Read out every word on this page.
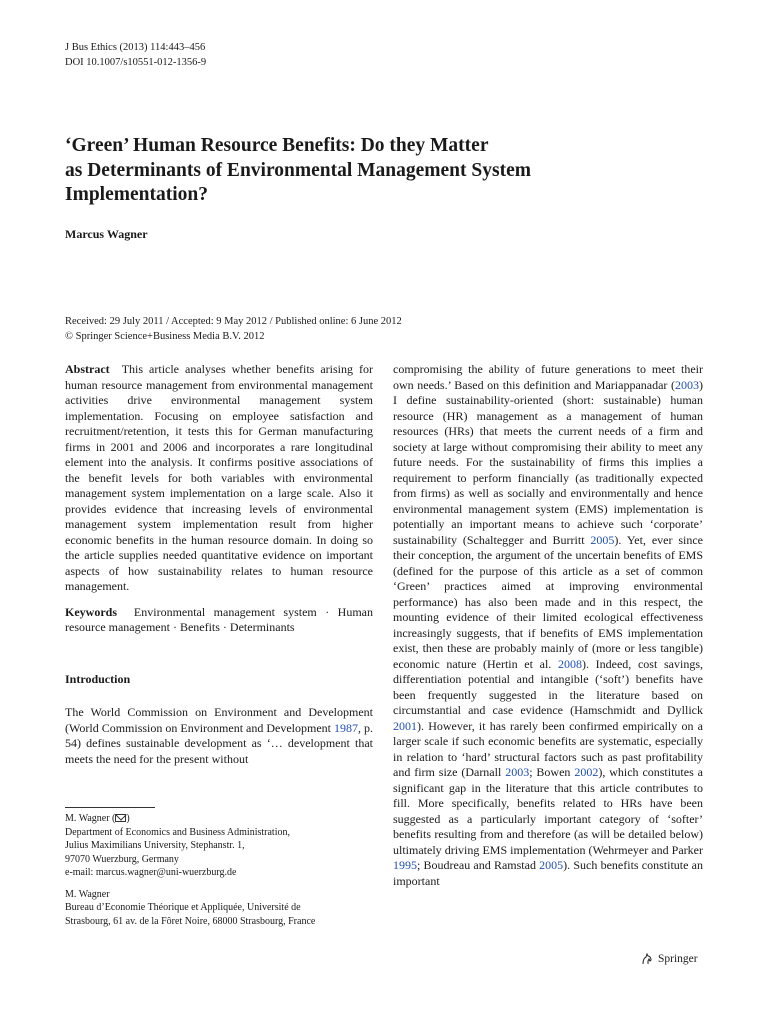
J Bus Ethics (2013) 114:443–456
DOI 10.1007/s10551-012-1356-9
‘Green’ Human Resource Benefits: Do they Matter
as Determinants of Environmental Management System
Implementation?
Marcus Wagner
Received: 29 July 2011 / Accepted: 9 May 2012 / Published online: 6 June 2012
© Springer Science+Business Media B.V. 2012

Abstract This article analyses whether benefits arising for human resource management from environmental management activities drive environmental management system implementation. Focusing on employee satisfaction and recruitment/retention, it tests this for German manufacturing firms in 2001 and 2006 and incorporates a rare longitudinal element into the analysis. It confirms positive associations of the benefit levels for both variables with environmental management system implementation on a large scale. Also it provides evidence that increasing levels of environmental management system implementation result from higher economic benefits in the human resource domain. In doing so the article supplies needed quantitative evidence on important aspects of how sustainability relates to human resource management.

Keywords Environmental management system · Human resource management · Benefits · Determinants

Introduction

The World Commission on Environment and Development (World Commission on Environment and Development 1987, p. 54) defines sustainable development as ‘… development that meets the need for the present without

M. Wagner ( )
Department of Economics and Business Administration,
Julius Maximilians University, Stephanstr. 1,
97070 Wuerzburg, Germany
e-mail: marcus.wagner@uni-wuerzburg.de

M. Wagner
Bureau d’Economie Théorique et Appliquée, Université de
Strasbourg, 61 av. de la Fôret Noire, 68000 Strasbourg, France

compromising the ability of future generations to meet their own needs.’ Based on this definition and Mariappanadar (2003) I define sustainability-oriented (short: sustainable) human resource (HR) management as a management of human resources (HRs) that meets the current needs of a firm and society at large without compromising their ability to meet any future needs. For the sustainability of firms this implies a requirement to perform financially (as traditionally expected from firms) as well as socially and environmentally and hence environmental management system (EMS) implementation is potentially an important means to achieve such ‘corporate’ sustainability (Schaltegger and Burritt 2005). Yet, ever since their conception, the argument of the uncertain benefits of EMS (defined for the purpose of this article as a set of common ‘Green’ practices aimed at improving environmental performance) has also been made and in this respect, the mounting evidence of their limited ecological effectiveness increasingly suggests, that if benefits of EMS implementation exist, then these are probably mainly of (more or less tangible) economic nature (Hertin et al. 2008). Indeed, cost savings, differentiation potential and intangible (‘soft’) benefits have been frequently suggested in the literature based on circumstantial and case evidence (Hamschmidt and Dyllick 2001). However, it has rarely been confirmed empirically on a larger scale if such economic benefits are systematic, especially in relation to ‘hard’ structural factors such as past profitability and firm size (Darnall 2003; Bowen 2002), which constitutes a significant gap in the literature that this article contributes to fill. More specifically, benefits related to HRs have been suggested as a particularly important category of ‘softer’ benefits resulting from and therefore (as will be detailed below) ultimately driving EMS implementation (Wehrmeyer and Parker 1995; Boudreau and Ramstad 2005). Such benefits constitute an important

Springer
